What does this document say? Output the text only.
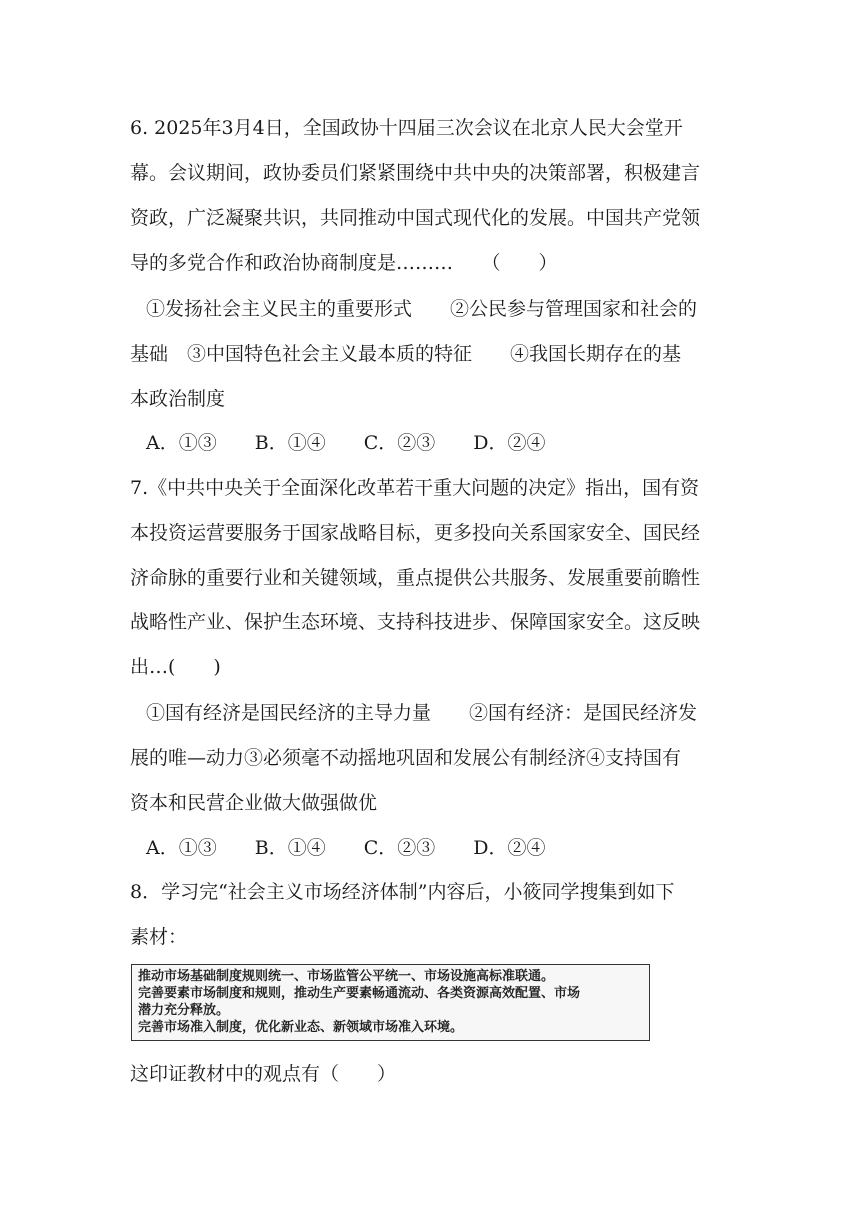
6. 2025年3月4日，全国政协十四届三次会议在北京人民大会堂开
幕。会议期间，政协委员们紧紧围绕中共中央的决策部署，积极建言
资政，广泛凝聚共识，共同推动中国式现代化的发展。中国共产党领
导的多党合作和政治协商制度是………　　（　　）
①发扬社会主义民主的重要形式　　②公民参与管理国家和社会的
基础　③中国特色社会主义最本质的特征　　④我国长期存在的基
本政治制度
A．①③ B．①④ C．②③ D．②④
7.《中共中央关于全面深化改革若干重大问题的决定》指出，国有资
本投资运营要服务于国家战略目标，更多投向关系国家安全、国民经
济命脉的重要行业和关键领域，重点提供公共服务、发展重要前瞻性
战略性产业、保护生态环境、支持科技进步、保障国家安全。这反映
出…(　　)
①国有经济是国民经济的主导力量　　②国有经济：是国民经济发
展的唯—动力③必须毫不动摇地巩固和发展公有制经济④支持国有
资本和民营企业做大做强做优
A．①③ B．①④ C．②③ D．②④
8．学习完“社会主义市场经济体制”内容后，小筱同学搜集到如下
素材：
推动市场基础制度规则统一、市场监管公平统一、市场设施高标准联通。
完善要素市场制度和规则，推动生产要素畅通流动、各类资源高效配置、市场
潜力充分释放。
完善市场准入制度，优化新业态、新领域市场准入环境。
这印证教材中的观点有（　　）
